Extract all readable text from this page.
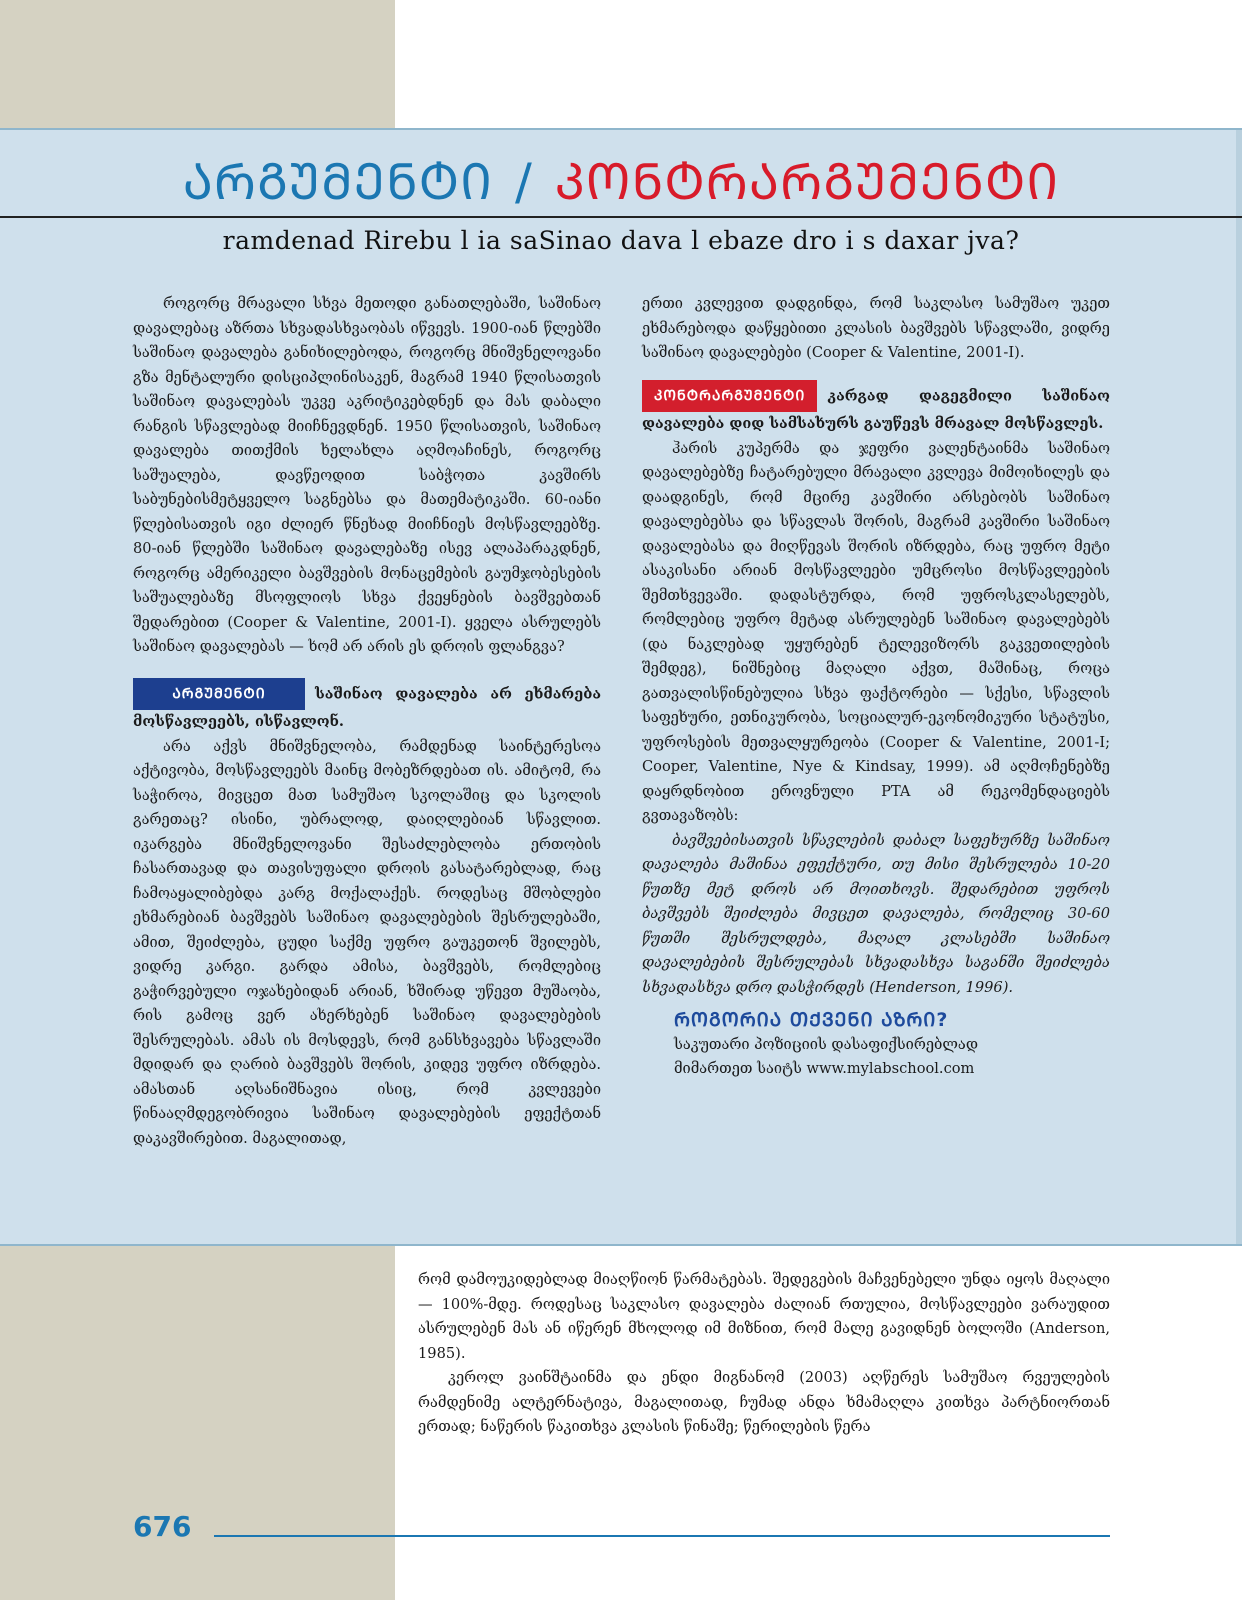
ᲐᲠᲒᲣᲛᲔᲜᲢᲘ / ᲙᲝᲜᲢᲠᲐᲠᲒᲣᲛᲔᲜᲢᲘ
ramdenad Rirebu l ia saSinao dava l ebaze dro i s daxar jva?

როგორც მრავალი სხვა მეთოდი განათლებაში, საშინაო დავალებაც აზრთა სხვადასხვაობას იწვევს. 1900-იან წლებში საშინაო დავალება განიხილებოდა, როგორც მნიშვნელოვანი გზა მენტალური დისციპლინისაკენ, მაგრამ 1940 წლისათვის საშინაო დავალებას უკვე აკრიტიკებდნენ და მას დაბალი რანგის სწავლებად მიიჩნევდნენ. 1950 წლისათვის, საშინაო დავალება თითქმის ხელახლა აღმოაჩინეს, როგორც საშუალება, დავწეოდით საბჭოთა კავშირს საბუნებისმეტყველო საგნებსა და მათემატიკაში. 60-იანი წლებისათვის იგი ძლიერ წნეხად მიიჩნიეს მოსწავლეებზე. 80-იან წლებში საშინაო დავალებაზე ისევ ალაპარაკდნენ, როგორც ამერიკელი ბავშვების მონაცემების გაუმჯობესების საშუალებაზე მსოფლიოს სხვა ქვეყნების ბავშვებთან შედარებით (Cooper & Valentine, 2001-I). ყველა ასრულებს საშინაო დავალებას — ხომ არ არის ეს დროის ფლანგვა?

ᲐᲠᲒᲣᲛᲔᲜᲢᲘ	საშინაო დავალება არ ეხმარება მოსწავლეებს, ისწავლონ.

არა აქვს მნიშვნელობა, რამდენად საინტერესოა აქტივობა, მოსწავლეებს მაინც მობეზრდებათ ის. ამიტომ, რა საჭიროა, მივცეთ მათ სამუშაო სკოლაშიც და სკოლის გარეთაც? ისინი, უბრალოდ, დაიღლებიან სწავლით. იკარგება მნიშვნელოვანი შესაძლებლობა ერთობის ჩასართავად და თავისუფალი დროის გასატარებლად, რაც ჩამოაყალიბებდა კარგ მოქალაქეს. როდესაც მშობლები ეხმარებიან ბავშვებს საშინაო დავალებების შესრულებაში, ამით, შეიძლება, ცუდი საქმე უფრო გაუკეთონ შვილებს, ვიდრე კარგი. გარდა ამისა, ბავშვებს, რომლებიც გაჭირვებული ოჯახებიდან არიან, ხშირად უწევთ მუშაობა, რის გამოც ვერ ახერხებენ საშინაო დავალებების შესრულებას. ამას ის მოსდევს, რომ განსხვავება სწავლაში მდიდარ და ღარიბ ბავშვებს შორის, კიდევ უფრო იზრდება. ამასთან აღსანიშნავია ისიც, რომ კვლევები წინააღმდეგობრივია საშინაო დავალებების ეფექტთან დაკავშირებით. მაგალითად,

ერთი კვლევით დადგინდა, რომ საკლასო სამუშაო უკეთ ეხმარებოდა დაწყებითი კლასის ბავშვებს სწავლაში, ვიდრე საშინაო დავალებები (Cooper & Valentine, 2001-I).

ᲙᲝᲜᲢᲠᲐᲠᲒᲣᲛᲔᲜᲢᲘ კარგად დაგეგმილი საშინაო დავალება დიდ სამსახურს გაუწევს მრავალ მოსწავლეს.

ჰარის კუპერმა და ჯეფრი ვალენტაინმა საშინაო დავალებებზე ჩატარებული მრავალი კვლევა მიმოიხილეს და დაადგინეს, რომ მცირე კავშირი არსებობს საშინაო დავალებებსა და სწავლას შორის, მაგრამ კავშირი საშინაო დავალებასა და მიღწევას შორის იზრდება, რაც უფრო მეტი ასაკისანი არიან მოსწავლეები უმცროსი მოსწავლეების შემთხვევაში. დადასტურდა, რომ უფროსკლასელებს, რომლებიც უფრო მეტად ასრულებენ საშინაო დავალებებს (და ნაკლებად უყურებენ ტელევიზორს გაკვეთილების შემდეგ), ნიშნებიც მაღალი აქვთ, მაშინაც, როცა გათვალისწინებულია სხვა ფაქტორები — სქესი, სწავლის საფეხური, ეთნიკურობა, სოციალურ-ეკონომიკური სტატუსი, უფროსების მეთვალყურეობა (Cooper & Valentine, 2001-I; Cooper, Valentine, Nye & Kindsay, 1999). ამ აღმოჩენებზე დაყრდნობით ეროვნული PTA ამ რეკომენდაციებს გვთავაზობს:

ბავშვებისათვის სწავლების დაბალ საფეხურზე საშინაო დავალება მაშინაა ეფექტური, თუ მისი შესრულება 10-20 წუთზე მეტ დროს არ მოითხოვს. შედარებით უფროს ბავშვებს შეიძლება მივცეთ დავალება, რომელიც 30-60 წუთში შესრულდება, მაღალ კლასებში საშინაო დავალებების შესრულებას სხვადასხვა საგანში შეიძლება სხვადასხვა დრო დასჭირდეს (Henderson, 1996).

ᲠᲝᲒᲝᲠᲘᲐ ᲗᲥᲕᲔᲜᲘ ᲐᲖᲠᲘ?
საკუთარი პოზიციის დასაფიქსირებლად
მიმართეთ საიტს www.mylabschool.com

რომ დამოუკიდებლად მიაღწიონ წარმატებას. შედეგების მაჩვენებელი უნდა იყოს მაღალი — 100%-მდე. როდესაც საკლასო დავალება ძალიან რთულია, მოსწავლეები ვარაუდით ასრულებენ მას ან იწერენ მხოლოდ იმ მიზნით, რომ მალე გავიდნენ ბოლოში (Anderson, 1985).

კეროლ ვაინშტაინმა და ენდი მიგნანომ (2003) აღწერეს სამუშაო რვეულების რამდენიმე ალტერნატივა, მაგალითად, ჩუმად ანდა ხმამაღლა კითხვა პარტნიორთან ერთად; ნაწერის წაკითხვა კლასის წინაშე; წერილების წერა

676
